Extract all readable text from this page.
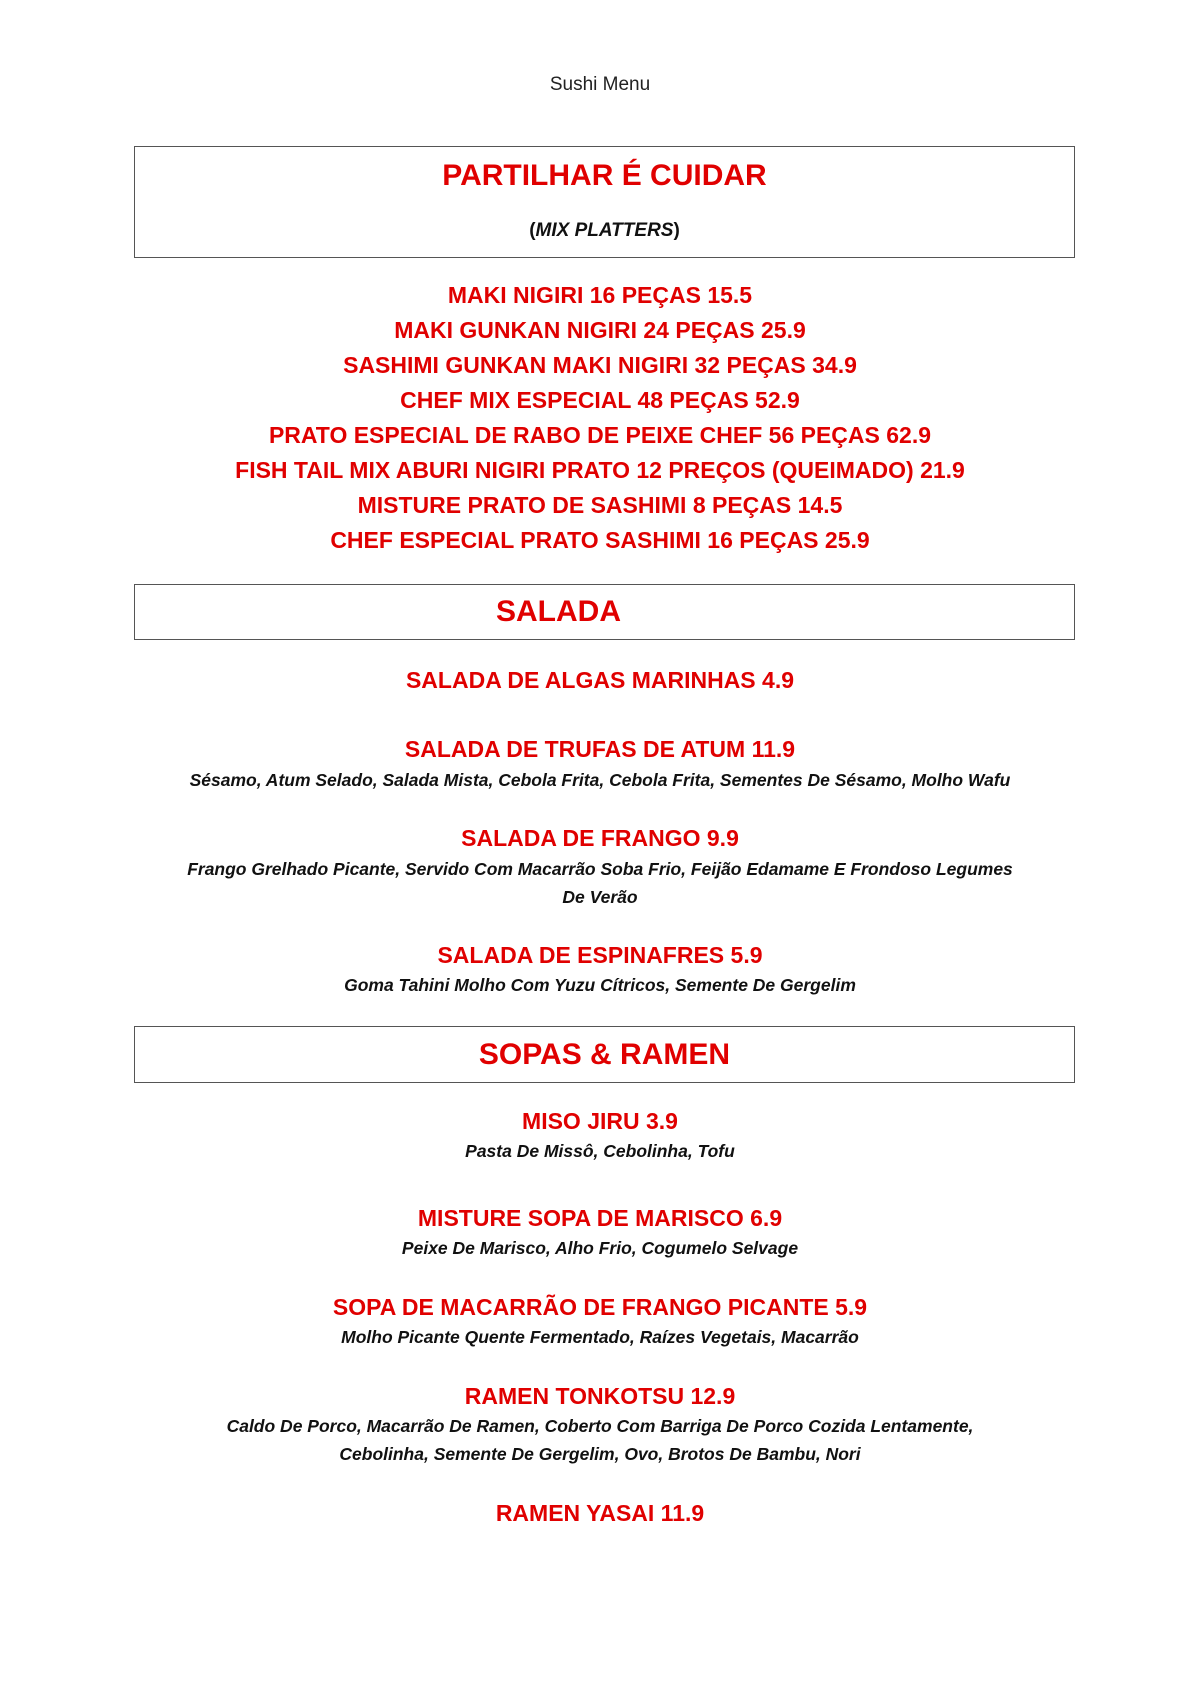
Sushi Menu
PARTILHAR É CUIDAR
(MIX PLATTERS)
MAKI NIGIRI 16 PEÇAS 15.5
MAKI GUNKAN NIGIRI 24 PEÇAS 25.9
SASHIMI GUNKAN MAKI NIGIRI 32 PEÇAS 34.9
CHEF MIX ESPECIAL 48 PEÇAS 52.9
PRATO ESPECIAL DE RABO DE PEIXE CHEF 56 PEÇAS 62.9
FISH TAIL MIX ABURI NIGIRI PRATO 12 PREÇOS (QUEIMADO) 21.9
MISTURE PRATO DE SASHIMI 8 PEÇAS 14.5
CHEF ESPECIAL PRATO SASHIMI 16 PEÇAS 25.9
SALADA
SALADA DE ALGAS MARINHAS 4.9
SALADA DE TRUFAS DE ATUM 11.9
Sésamo, Atum Selado, Salada Mista, Cebola Frita, Cebola Frita, Sementes De Sésamo, Molho Wafu
SALADA DE FRANGO 9.9
Frango Grelhado Picante, Servido Com Macarrão Soba Frio, Feijão Edamame E Frondoso Legumes
De Verão
SALADA DE ESPINAFRES 5.9
Goma Tahini Molho Com Yuzu Cítricos, Semente De Gergelim
SOPAS & RAMEN
MISO JIRU 3.9
Pasta De Missô, Cebolinha, Tofu
MISTURE SOPA DE MARISCO 6.9
Peixe De Marisco, Alho Frio, Cogumelo Selvage
SOPA DE MACARRÃO DE FRANGO PICANTE 5.9
Molho Picante Quente Fermentado, Raízes Vegetais, Macarrão
RAMEN TONKOTSU 12.9
Caldo De Porco, Macarrão De Ramen, Coberto Com Barriga De Porco Cozida Lentamente,
Cebolinha, Semente De Gergelim, Ovo, Brotos De Bambu, Nori
RAMEN YASAI 11.9
